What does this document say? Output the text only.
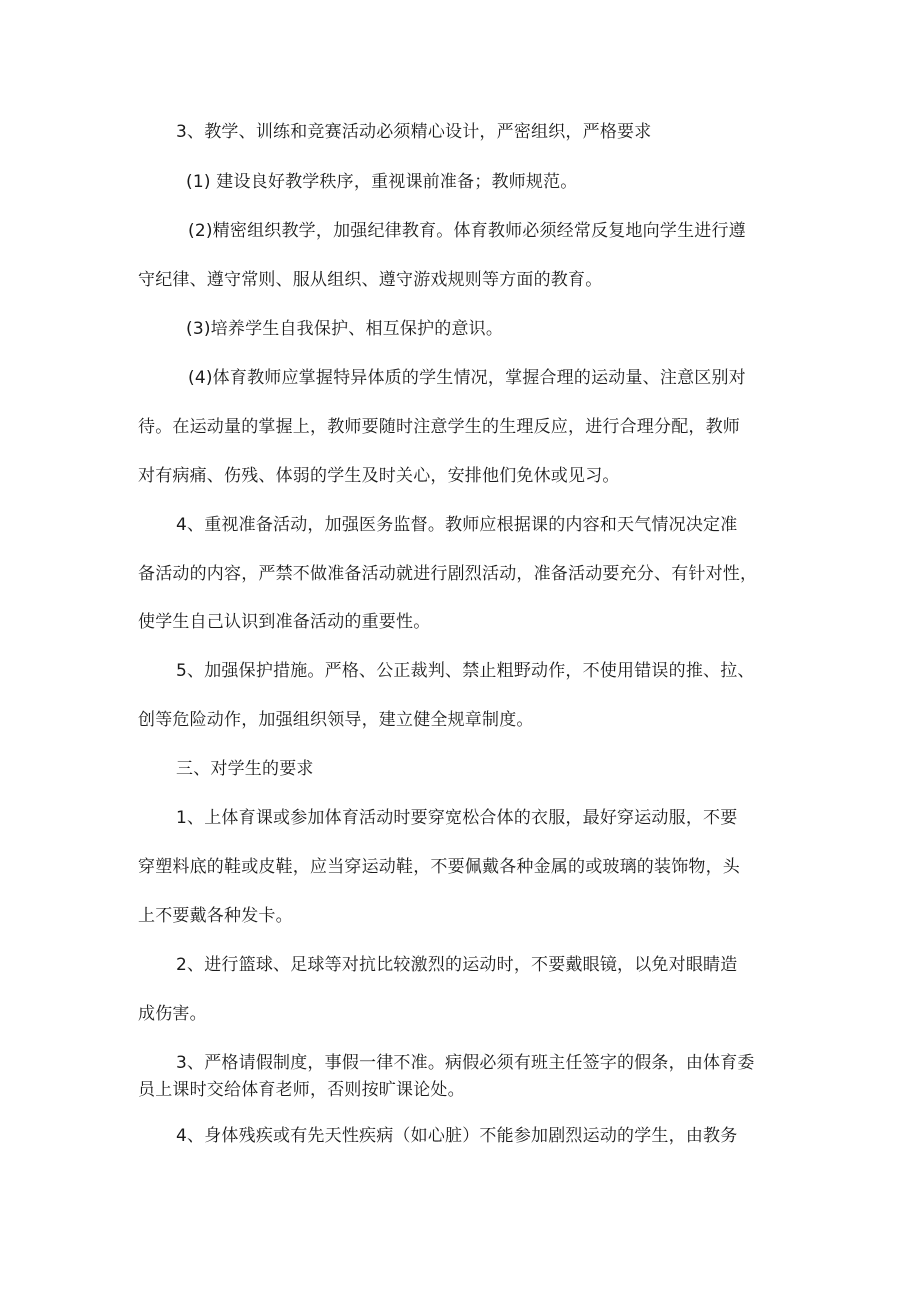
3、教学、训练和竞赛活动必须精心设计，严密组织，严格要求
(1) 建设良好教学秩序，重视课前准备；教师规范。
(2)精密组织教学，加强纪律教育。体育教师必须经常反复地向学生进行遵
守纪律、遵守常则、服从组织、遵守游戏规则等方面的教育。
(3)培养学生自我保护、相互保护的意识。
(4)体育教师应掌握特异体质的学生情况，掌握合理的运动量、注意区别对
待。在运动量的掌握上，教师要随时注意学生的生理反应，进行合理分配，教师
对有病痛、伤残、体弱的学生及时关心，安排他们免休或见习。
4、重视准备活动，加强医务监督。教师应根据课的内容和天气情况决定准
备活动的内容，严禁不做准备活动就进行剧烈活动，准备活动要充分、有针对性，
使学生自己认识到准备活动的重要性。
5、加强保护措施。严格、公正裁判、禁止粗野动作，不使用错误的推、拉、
创等危险动作，加强组织领导，建立健全规章制度。
三、对学生的要求
1、上体育课或参加体育活动时要穿宽松合体的衣服，最好穿运动服，不要
穿塑料底的鞋或皮鞋，应当穿运动鞋，不要佩戴各种金属的或玻璃的装饰物，头
上不要戴各种发卡。
2、进行篮球、足球等对抗比较激烈的运动时，不要戴眼镜，以免对眼睛造
成伤害。
3、严格请假制度，事假一律不准。病假必须有班主任签字的假条，由体育委
员上课时交给体育老师，否则按旷课论处。
4、身体残疾或有先天性疾病（如心脏）不能参加剧烈运动的学生，由教务
